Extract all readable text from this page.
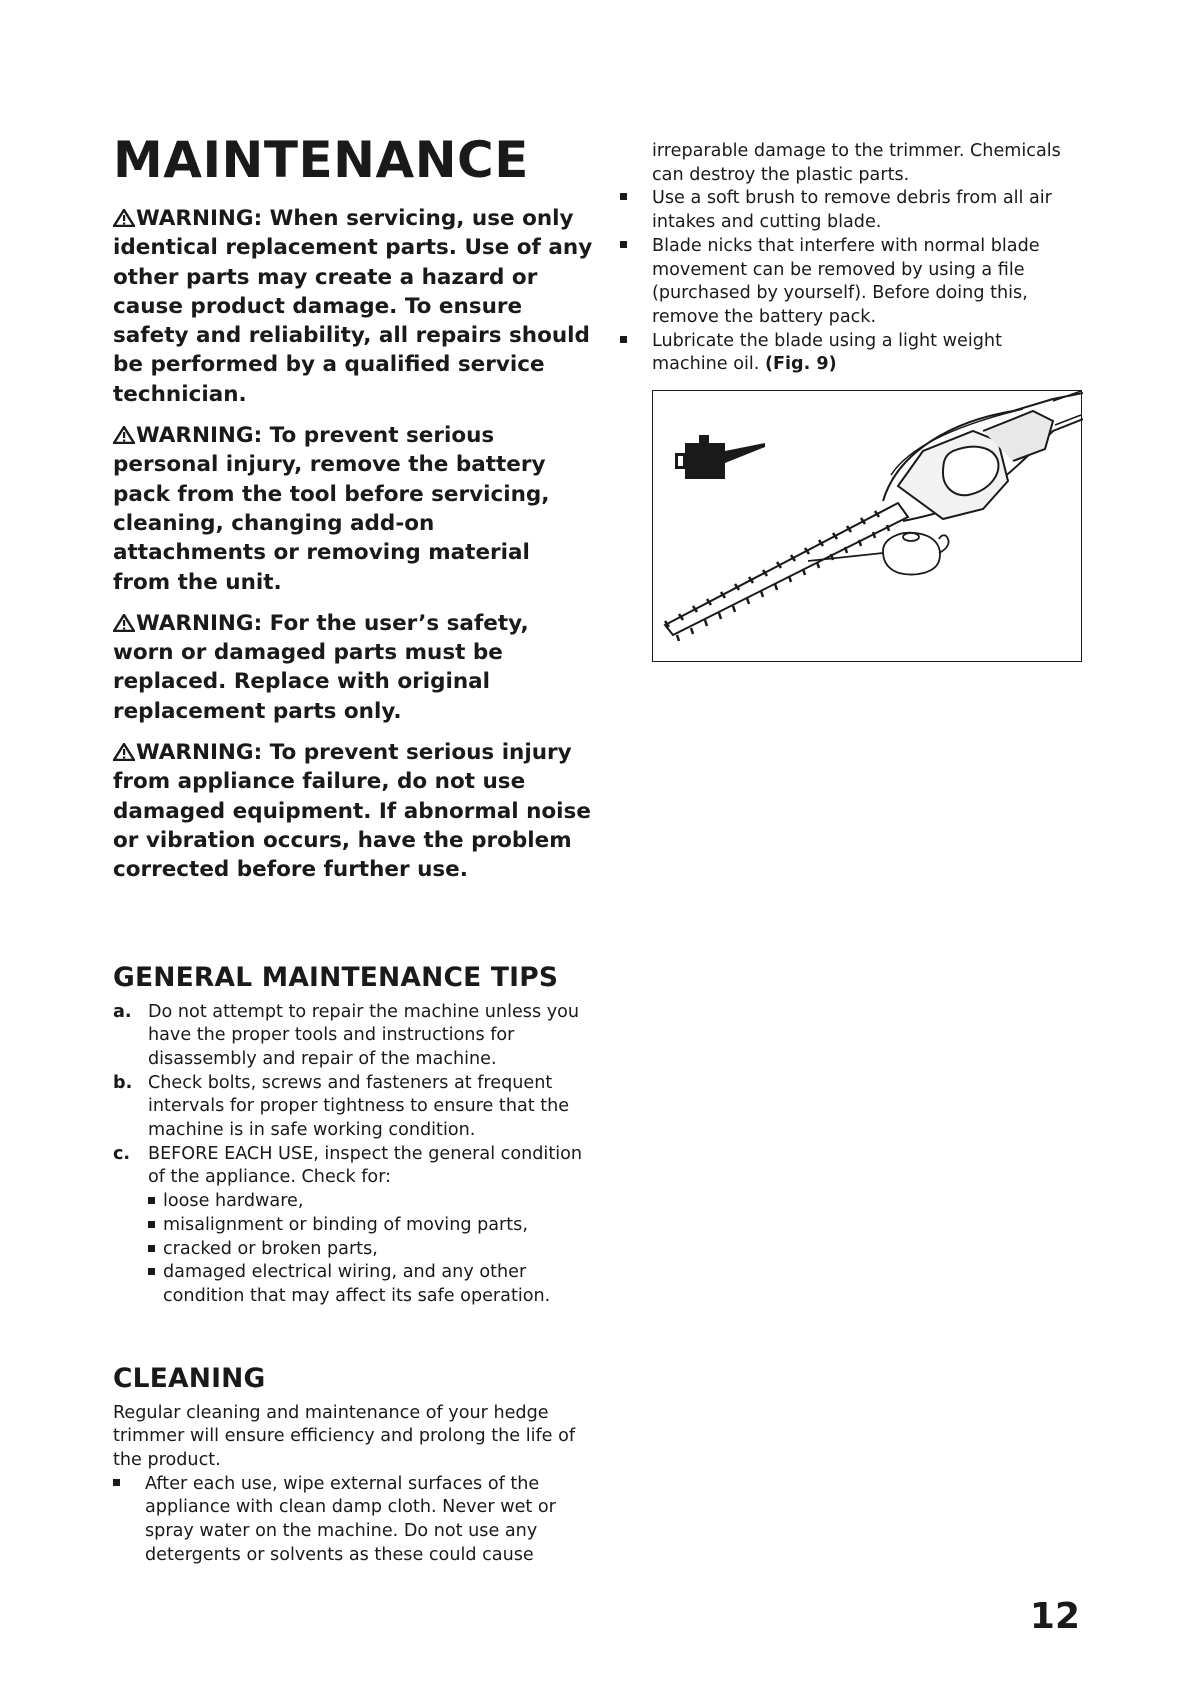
MAINTENANCE

WARNING: When servicing, use only identical replacement parts. Use of any other parts may create a hazard or cause product damage. To ensure safety and reliability, all repairs should be performed by a qualified service technician.

WARNING: To prevent serious personal injury, remove the battery pack from the tool before servicing, cleaning, changing add-on attachments or removing material from the unit.

WARNING: For the user’s safety, worn or damaged parts must be replaced. Replace with original replacement parts only.

WARNING: To prevent serious injury from appliance failure, do not use damaged equipment. If abnormal noise or vibration occurs, have the problem corrected before further use.

GENERAL MAINTENANCE TIPS
a. Do not attempt to repair the machine unless you have the proper tools and instructions for disassembly and repair of the machine.
b. Check bolts, screws and fasteners at frequent intervals for proper tightness to ensure that the machine is in safe working condition.
c.	BEFORE EACH USE, inspect the general condition of the appliance. Check for:
loose hardware,
misalignment or binding of moving parts,
cracked or broken parts,
damaged electrical wiring, and any other condition that may affect its safe operation.
CLEANING

Regular cleaning and maintenance of your hedge trimmer will ensure efficiency and prolong the life of the product.

After each use, wipe external surfaces of the appliance with clean damp cloth. Never wet or spray water on the machine. Do not use any detergents or solvents as these could cause

irreparable damage to the trimmer. Chemicals can destroy the plastic parts.

Use a soft brush to remove debris from all air intakes and cutting blade.
Blade nicks that interfere with normal blade movement can be removed by using a file (purchased by yourself). Before doing this, remove the battery pack.
Lubricate the blade using a light weight machine oil. (Fig. 9)
12
